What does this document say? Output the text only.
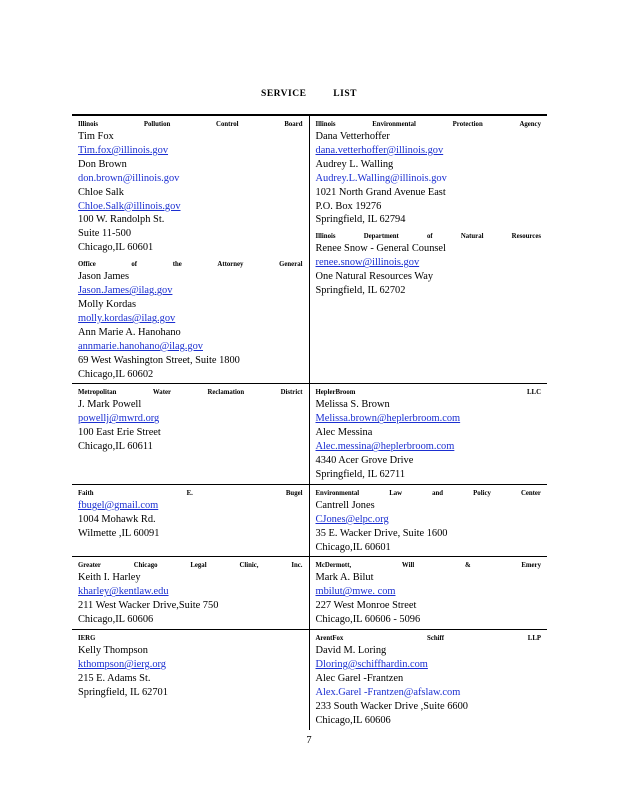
SERVICE LIST
Illinois	Pollution	Control	Board
Tim Fox
Tim.fox@illinois.gov
Don Brown
don.brown@illinois.gov
Chloe Salk
Chloe.Salk@illinois.gov
100 W. Randolph St.
Suite 11-500
Chicago,IL 60601
Office	of	the	Attorney	General
Jason James
Jason.James@ilag.gov
Molly Kordas
molly.kordas@ilag.gov
Ann Marie A. Hanohano
annmarie.hanohano@ilag.gov
69 West Washington Street, Suite 1800
Chicago,IL 60602
Illinois	Environmental	Protection	Agency
Dana Vetterhoffer
dana.vetterhoffer@illinois.gov
Audrey L. Walling
Audrey.L.Walling@illinois.gov
1021 North Grand Avenue East
P.O. Box 19276
Springfield, IL 62794
Illinois	Department	of	Natural	Resources
Renee Snow - General Counsel
renee.snow@illinois.gov
One Natural Resources Way
Springfield, IL 62702
Metropolitan	Water	Reclamation	District
J. Mark Powell
powellj@mwrd.org
100 East Erie Street
Chicago,IL 60611
HeplerBroom	LLC
Melissa S. Brown
Melissa.brown@heplerbroom.com
Alec Messina
Alec.messina@heplerbroom.com
4340 Acer Grove Drive
Springfield, IL 62711
Faith	E.	Bugel
fbugel@gmail.com
1004 Mohawk Rd.
Wilmette ,IL 60091
Environmental	Law	and	Policy	Center
Cantrell Jones
CJones@elpc.org
35 E. Wacker Drive, Suite 1600
Chicago,IL 60601
Greater	Chicago	Legal	Clinic,	Inc.
Keith I. Harley
kharley@kentlaw.edu
211 West Wacker Drive,Suite 750
Chicago,IL 60606
McDermott,	Will	&	Emery
Mark A. Bilut
mbilut@mwe. com
227 West Monroe Street
Chicago,IL 60606 - 5096
IERG
Kelly Thompson
kthompson@ierg.org
215 E. Adams St.
Springfield, IL 62701
ArentFox	Schiff	LLP
David M. Loring
Dloring@schiffhardin.com
Alec Garel -Frantzen
Alex.Garel -Frantzen@afslaw.com
233 South Wacker Drive ,Suite 6600
Chicago,IL 60606
7
